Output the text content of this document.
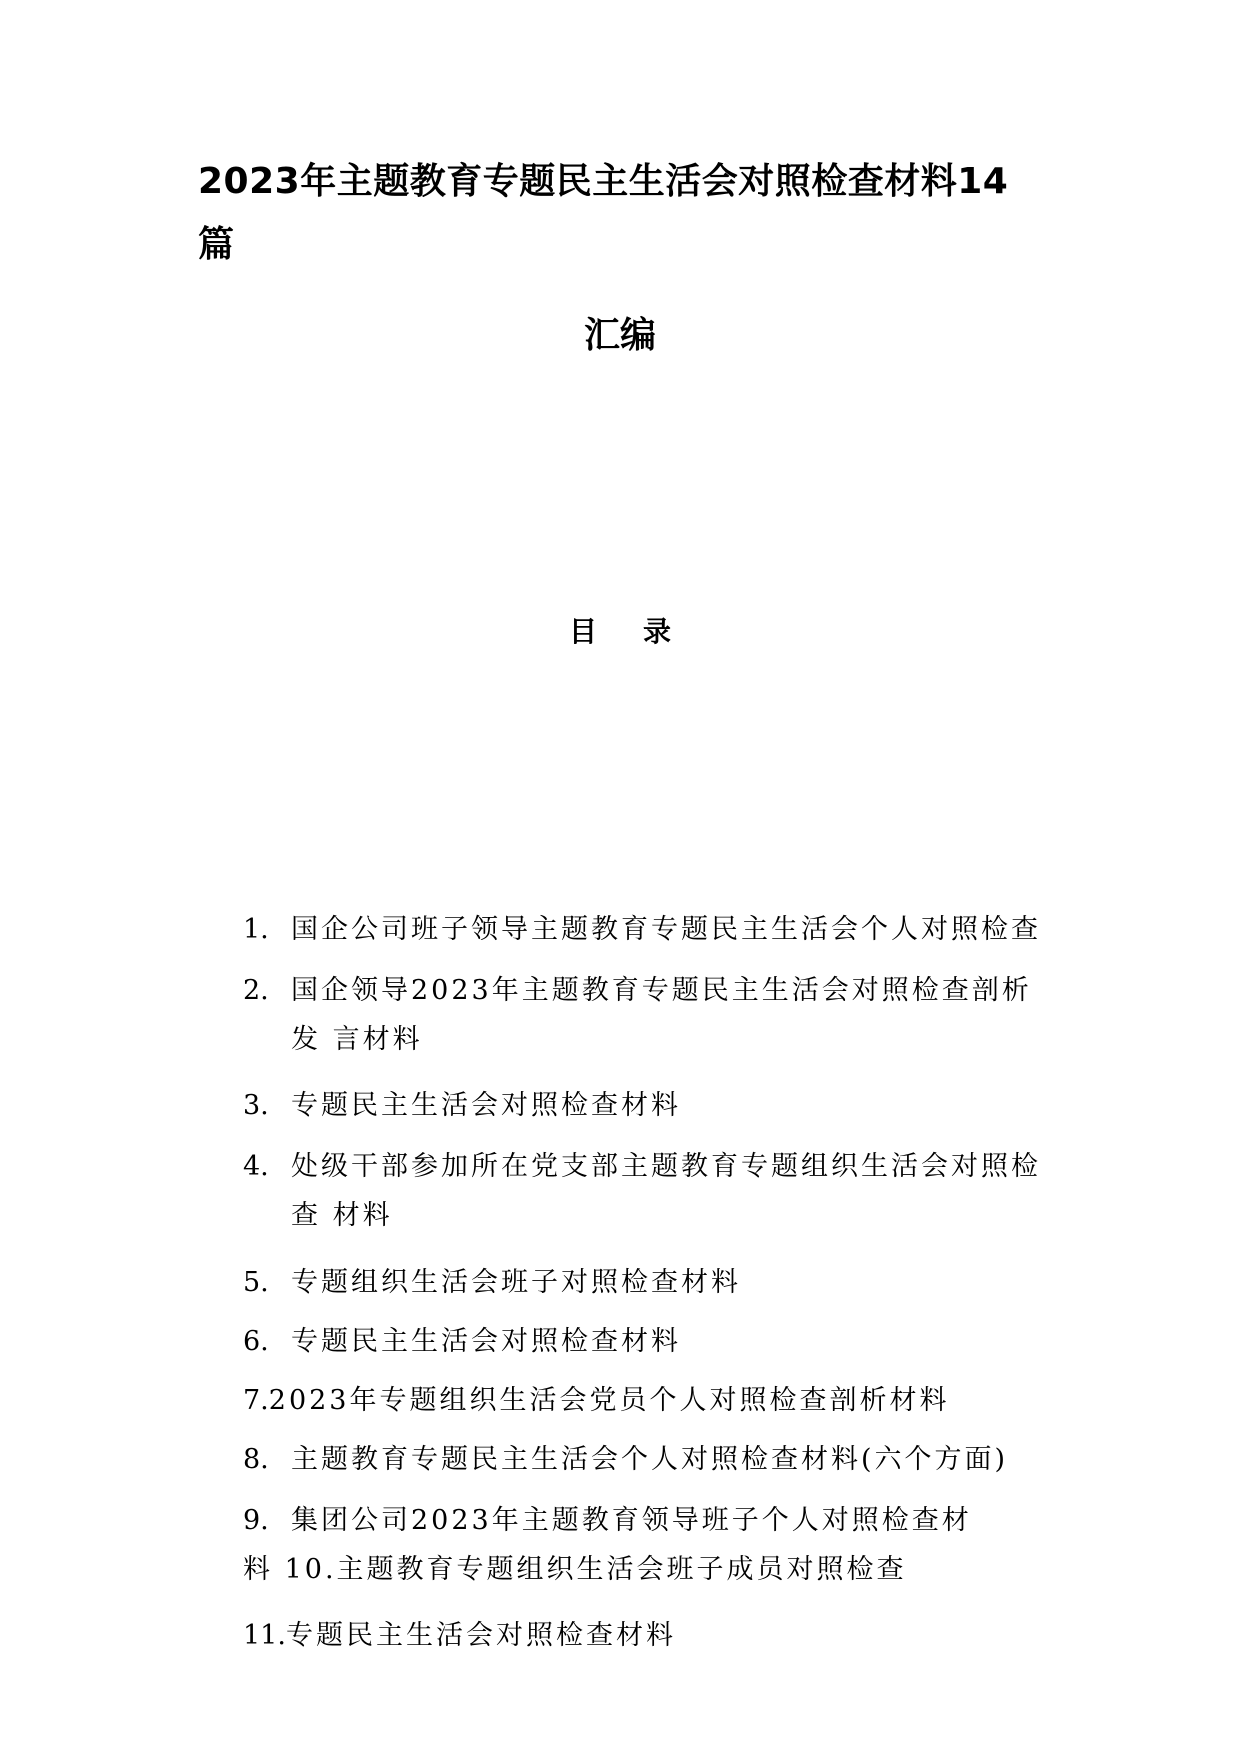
2023年主题教育专题民主生活会对照检查材料14篇
汇编
目 录

1. 国企公司班子领导主题教育专题民主生活会个人对照检查

2. 国企领导2023年主题教育专题民主生活会对照检查剖析

发 言材料

3. 专题民主生活会对照检查材料

4. 处级干部参加所在党支部主题教育专题组织生活会对照检

查 材料

5. 专题组织生活会班子对照检查材料

6. 专题民主生活会对照检查材料

7.2023年专题组织生活会党员个人对照检查剖析材料

8. 主题教育专题民主生活会个人对照检查材料(六个方面)

9. 集团公司2023年主题教育领导班子个人对照检查材

料 10.主题教育专题组织生活会班子成员对照检查

11.专题民主生活会对照检查材料
